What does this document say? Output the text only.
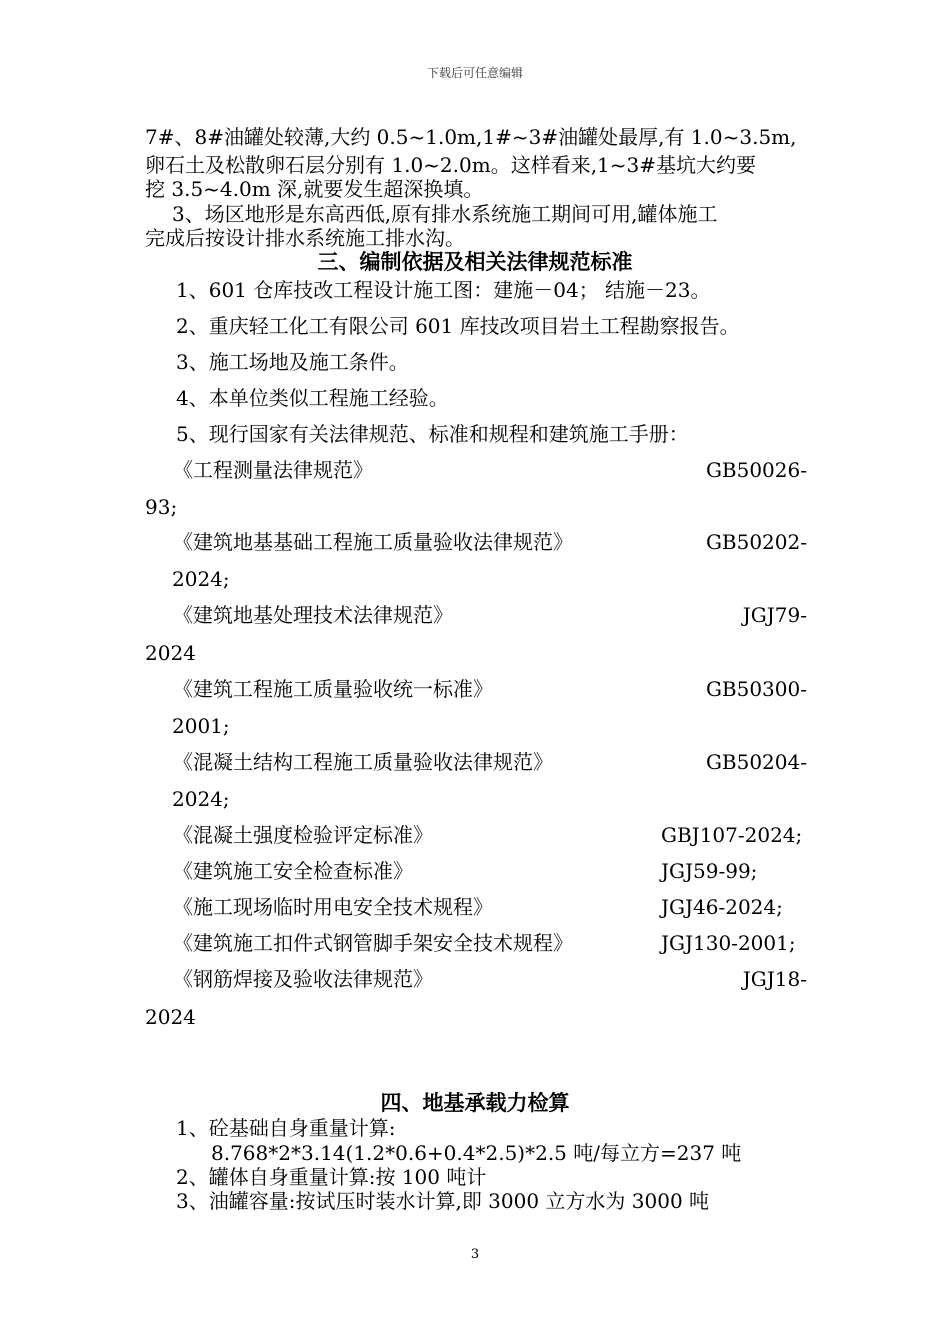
下载后可任意编辑
7#、8#油罐处较薄,大约 0.5~1.0m,1#~3#油罐处最厚,有 1.0~3.5m,
卵石土及松散卵石层分别有 1.0~2.0m。这样看来,1~3#基坑大约要
挖 3.5~4.0m 深,就要发生超深换填。
3、场区地形是东高西低,原有排水系统施工期间可用,罐体施工
完成后按设计排水系统施工排水沟。
三、编制依据及相关法律规范标准
1、601 仓库技改工程设计施工图：建施－04； 结施－23。
2、重庆轻工化工有限公司 601 库技改项目岩土工程勘察报告。
3、施工场地及施工条件。
4、本单位类似工程施工经验。
5、现行国家有关法律规范、标准和规程和建筑施工手册：
《工程测量法律规范》	GB50026-
93;
《建筑地基基础工程施工质量验收法律规范》	GB50202-
2024;
《建筑地基处理技术法律规范》	JGJ79-
2024
《建筑工程施工质量验收统一标准》	GB50300-
2001;
《混凝土结构工程施工质量验收法律规范》	GB50204-
2024;
《混凝土强度检验评定标准》	GBJ107-2024;
《建筑施工安全检查标准》	JGJ59-99;
《施工现场临时用电安全技术规程》	JGJ46-2024;
《建筑施工扣件式钢管脚手架安全技术规程》	JGJ130-2001;
《钢筋焊接及验收法律规范》	JGJ18-
2024
四、地基承载力检算
1、砼基础自身重量计算:
8.768*2*3.14(1.2*0.6+0.4*2.5)*2.5 吨/每立方=237 吨
2、罐体自身重量计算:按 100 吨计
3、油罐容量:按试压时装水计算,即 3000 立方水为 3000 吨
3
